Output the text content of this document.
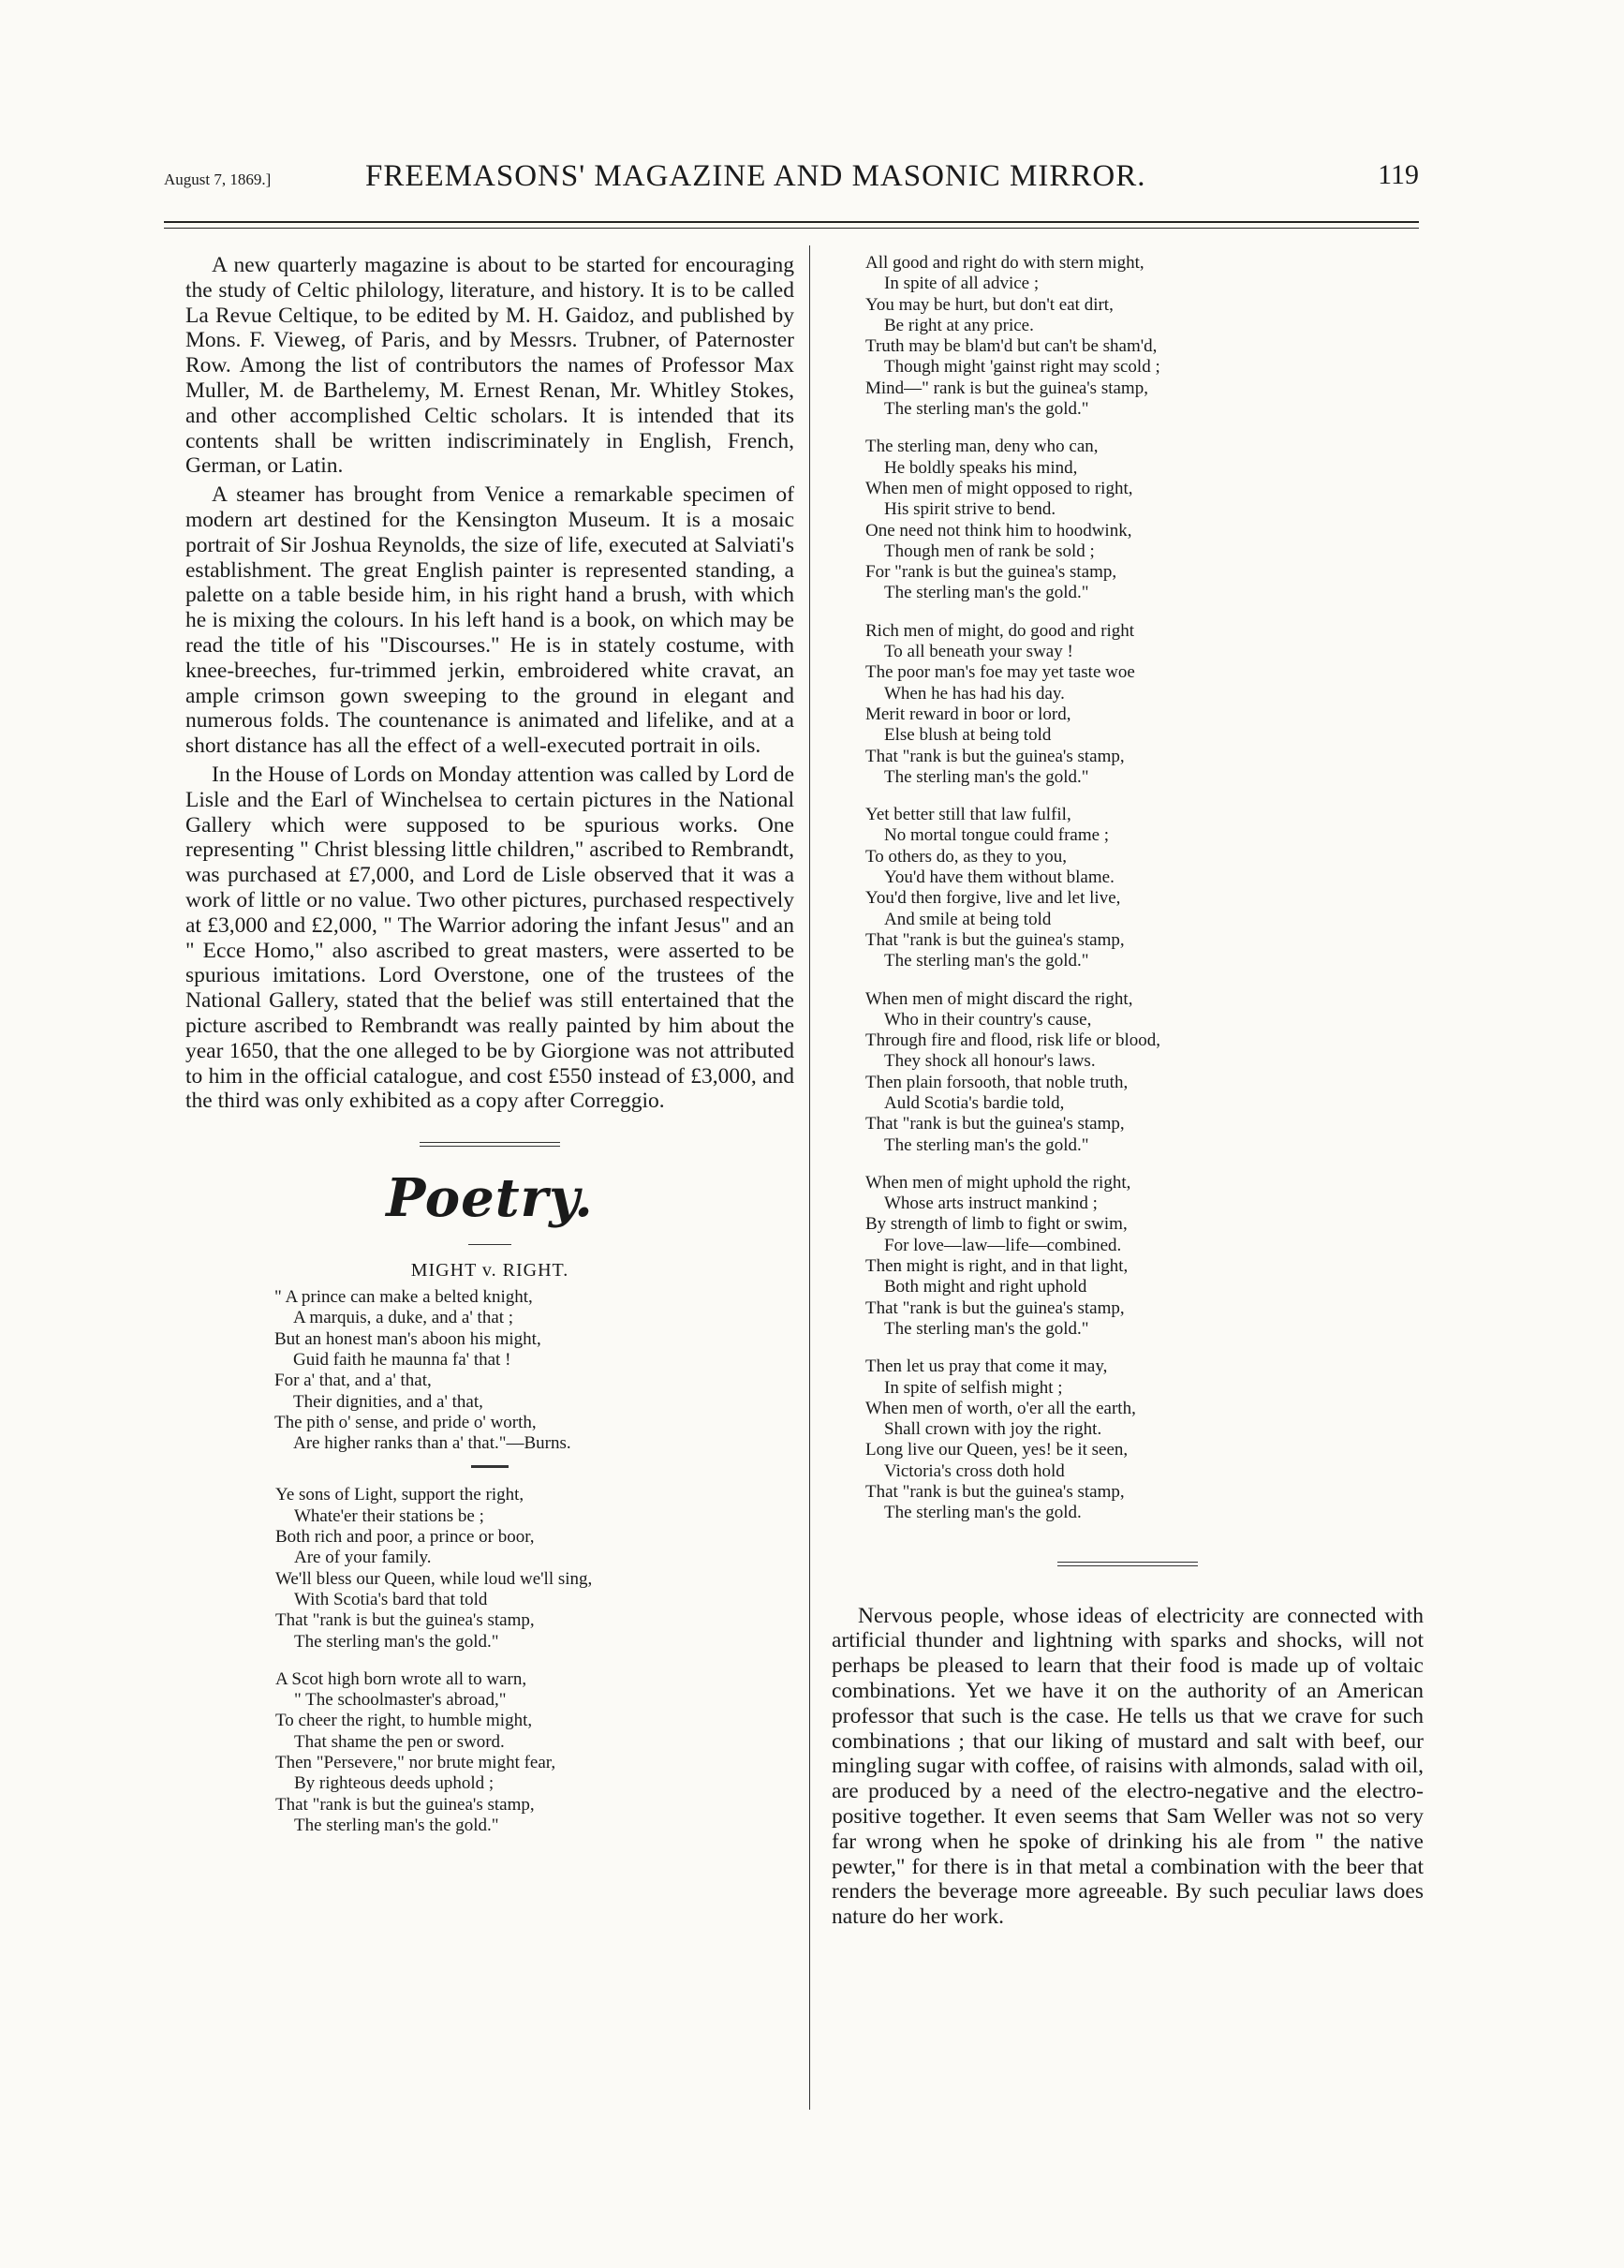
August 7, 1869.]	FREEMASONS' MAGAZINE AND MASONIC MIRROR.	119

A new quarterly magazine is about to be started for encouraging the study of Celtic philology, literature, and history. It is to be called La Revue Celtique, to be edited by M. H. Gaidoz, and published by Mons. F. Vieweg, of Paris, and by Messrs. Trubner, of Paternoster Row. Among the list of contributors the names of Professor Max Muller, M. de Barthelemy, M. Ernest Renan, Mr. Whitley Stokes, and other accomplished Celtic scholars. It is intended that its contents shall be written indiscriminately in English, French, German, or Latin.

A steamer has brought from Venice a remarkable specimen of modern art destined for the Kensington Museum. It is a mosaic portrait of Sir Joshua Reynolds, the size of life, executed at Salviati's establishment. The great English painter is represented standing, a palette on a table beside him, in his right hand a brush, with which he is mixing the colours. In his left hand is a book, on which may be read the title of his "Discourses." He is in stately costume, with knee-breeches, fur-trimmed jerkin, embroidered white cravat, an ample crimson gown sweeping to the ground in elegant and numerous folds. The countenance is animated and lifelike, and at a short distance has all the effect of a well-executed portrait in oils.

In the House of Lords on Monday attention was called by Lord de Lisle and the Earl of Winchelsea to certain pictures in the National Gallery which were supposed to be spurious works. One representing " Christ blessing little children," ascribed to Rembrandt, was purchased at £7,000, and Lord de Lisle observed that it was a work of little or no value. Two other pictures, purchased respectively at £3,000 and £2,000, " The Warrior adoring the infant Jesus" and an " Ecce Homo," also ascribed to great masters, were asserted to be spurious imitations. Lord Overstone, one of the trustees of the National Gallery, stated that the belief was still entertained that the picture ascribed to Rembrandt was really painted by him about the year 1650, that the one alleged to be by Giorgione was not attributed to him in the official catalogue, and cost £550 instead of £3,000, and the third was only exhibited as a copy after Correggio.

Poetry.
MIGHT v. RIGHT.
" A prince can make a belted knight,
A marquis, a duke, and a' that ;
But an honest man's aboon his might,
Guid faith he maunna fa' that !
For a' that, and a' that,
Their dignities, and a' that,
The pith o' sense, and pride o' worth,
Are higher ranks than a' that."—Burns.
Ye sons of Light, support the right,
Whate'er their stations be ;
Both rich and poor, a prince or boor,
Are of your family.
We'll bless our Queen, while loud we'll sing,
With Scotia's bard that told
That "rank is but the guinea's stamp,
The sterling man's the gold."
A Scot high born wrote all to warn,
" The schoolmaster's abroad,"
To cheer the right, to humble might,
That shame the pen or sword.
Then "Persevere," nor brute might fear,
By righteous deeds uphold ;
That "rank is but the guinea's stamp,
The sterling man's the gold."
All good and right do with stern might,
In spite of all advice ;
You may be hurt, but don't eat dirt,
Be right at any price.
Truth may be blam'd but can't be sham'd,
Though might 'gainst right may scold ;
Mind—" rank is but the guinea's stamp,
The sterling man's the gold."
The sterling man, deny who can,
He boldly speaks his mind,
When men of might opposed to right,
His spirit strive to bend.
One need not think him to hoodwink,
Though men of rank be sold ;
For "rank is but the guinea's stamp,
The sterling man's the gold."
Rich men of might, do good and right
To all beneath your sway !
The poor man's foe may yet taste woe
When he has had his day.
Merit reward in boor or lord,
Else blush at being told
That "rank is but the guinea's stamp,
The sterling man's the gold."
Yet better still that law fulfil,
No mortal tongue could frame ;
To others do, as they to you,
You'd have them without blame.
You'd then forgive, live and let live,
And smile at being told
That "rank is but the guinea's stamp,
The sterling man's the gold."
When men of might discard the right,
Who in their country's cause,
Through fire and flood, risk life or blood,
They shock all honour's laws.
Then plain forsooth, that noble truth,
Auld Scotia's bardie told,
That "rank is but the guinea's stamp,
The sterling man's the gold."
When men of might uphold the right,
Whose arts instruct mankind ;
By strength of limb to fight or swim,
For love—law—life—combined.
Then might is right, and in that light,
Both might and right uphold
That "rank is but the guinea's stamp,
The sterling man's the gold."
Then let us pray that come it may,
In spite of selfish might ;
When men of worth, o'er all the earth,
Shall crown with joy the right.
Long live our Queen, yes! be it seen,
Victoria's cross doth hold
That "rank is but the guinea's stamp,
The sterling man's the gold.

Nervous people, whose ideas of electricity are connected with artificial thunder and lightning with sparks and shocks, will not perhaps be pleased to learn that their food is made up of voltaic combinations. Yet we have it on the authority of an American professor that such is the case. He tells us that we crave for such combinations ; that our liking of mustard and salt with beef, our mingling sugar with coffee, of raisins with almonds, salad with oil, are produced by a need of the electro-negative and the electro-positive together. It even seems that Sam Weller was not so very far wrong when he spoke of drinking his ale from " the native pewter," for there is in that metal a combination with the beer that renders the beverage more agreeable. By such peculiar laws does nature do her work.
